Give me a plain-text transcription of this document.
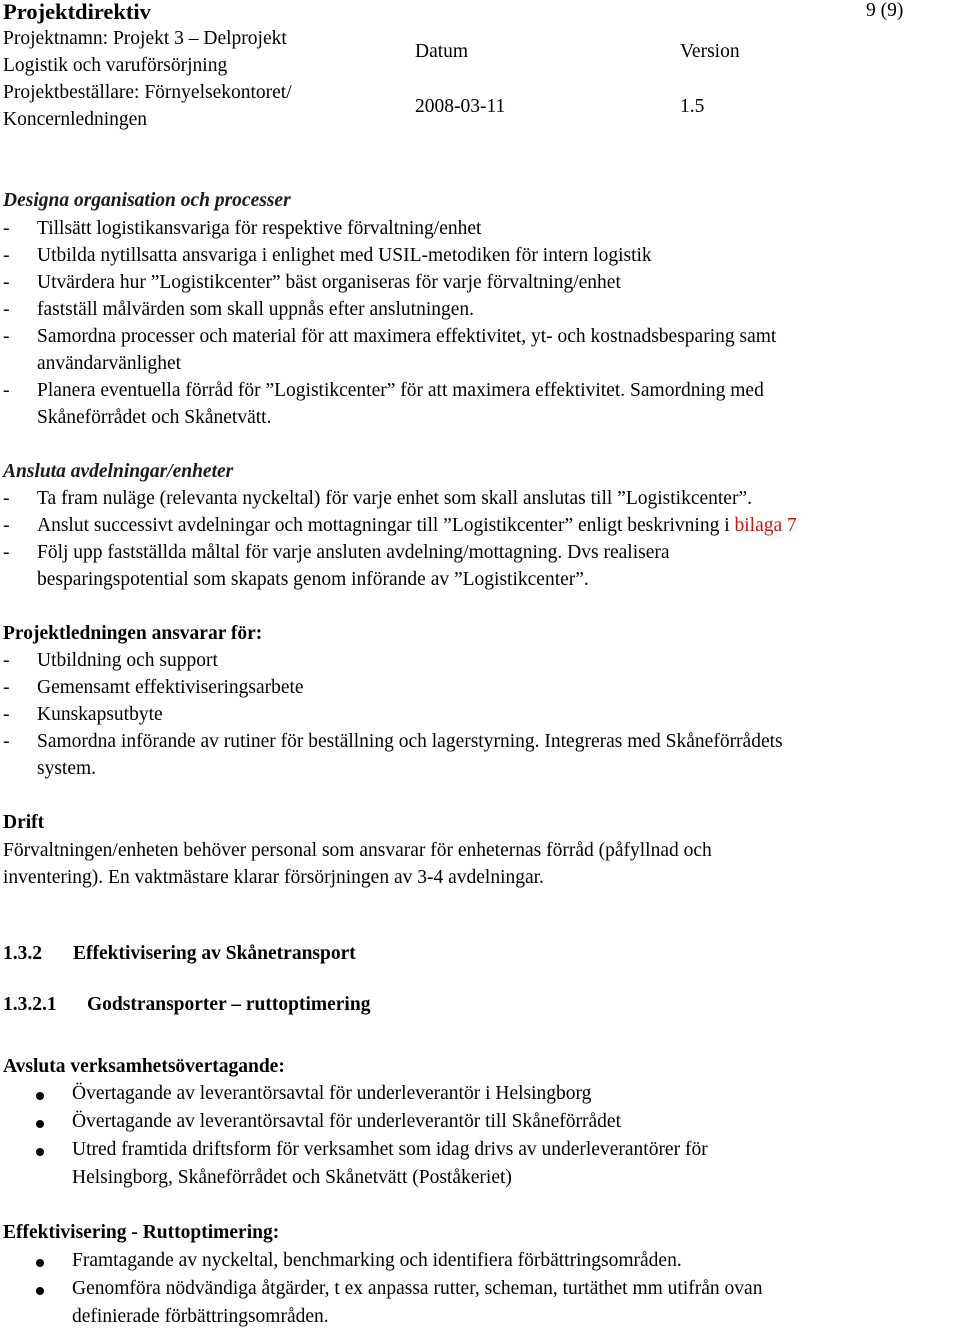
Projektdirektiv	9 (9)
Projektnamn: Projekt 3 – Delprojekt
Logistik och varuförsörjning
Projektbeställare: Förnyelsekontoret/
Koncernledningen
Datum
2008-03-11
Version
1.5
Designa organisation och processer
- Tillsätt logistikansvariga för respektive förvaltning/enhet
- Utbilda nytillsatta ansvariga i enlighet med USIL-metodiken för intern logistik
- Utvärdera hur ”Logistikcenter” bäst organiseras för varje förvaltning/enhet
- fastställ målvärden som skall uppnås efter anslutningen.
- Samordna processer och material för att maximera effektivitet, yt- och kostnadsbesparing samt
användarvänlighet
- Planera eventuella förråd för ”Logistikcenter” för att maximera effektivitet. Samordning med
Skåneförrådet och Skånetvätt.
Ansluta avdelningar/enheter
- Ta fram nuläge (relevanta nyckeltal) för varje enhet som skall anslutas till ”Logistikcenter”.
- Anslut successivt avdelningar och mottagningar till ”Logistikcenter” enligt beskrivning i bilaga 7
- Följ upp fastställda måltal för varje ansluten avdelning/mottagning. Dvs realisera
besparingspotential som skapats genom införande av ”Logistikcenter”.
Projektledningen ansvarar för:
- Utbildning och support
- Gemensamt effektiviseringsarbete
- Kunskapsutbyte
- Samordna införande av rutiner för beställning och lagerstyrning. Integreras med Skåneförrådets
system.
Drift
Förvaltningen/enheten behöver personal som ansvarar för enheternas förråd (påfyllnad och
inventering). En vaktmästare klarar försörjningen av 3-4 avdelningar.
1.3.2 Effektivisering av Skånetransport
1.3.2.1 Godstransporter – ruttoptimering
Avsluta verksamhetsövertagande:
Övertagande av leverantörsavtal för underleverantör i Helsingborg
Övertagande av leverantörsavtal för underleverantör till Skåneförrådet
Utred framtida driftsform för verksamhet som idag drivs av underleverantörer för
Helsingborg, Skåneförrådet och Skånetvätt (Poståkeriet)
Effektivisering - Ruttoptimering:
Framtagande av nyckeltal, benchmarking och identifiera förbättringsområden.
Genomföra nödvändiga åtgärder, t ex anpassa rutter, scheman, turtäthet mm utifrån ovan
definierade förbättringsområden.
